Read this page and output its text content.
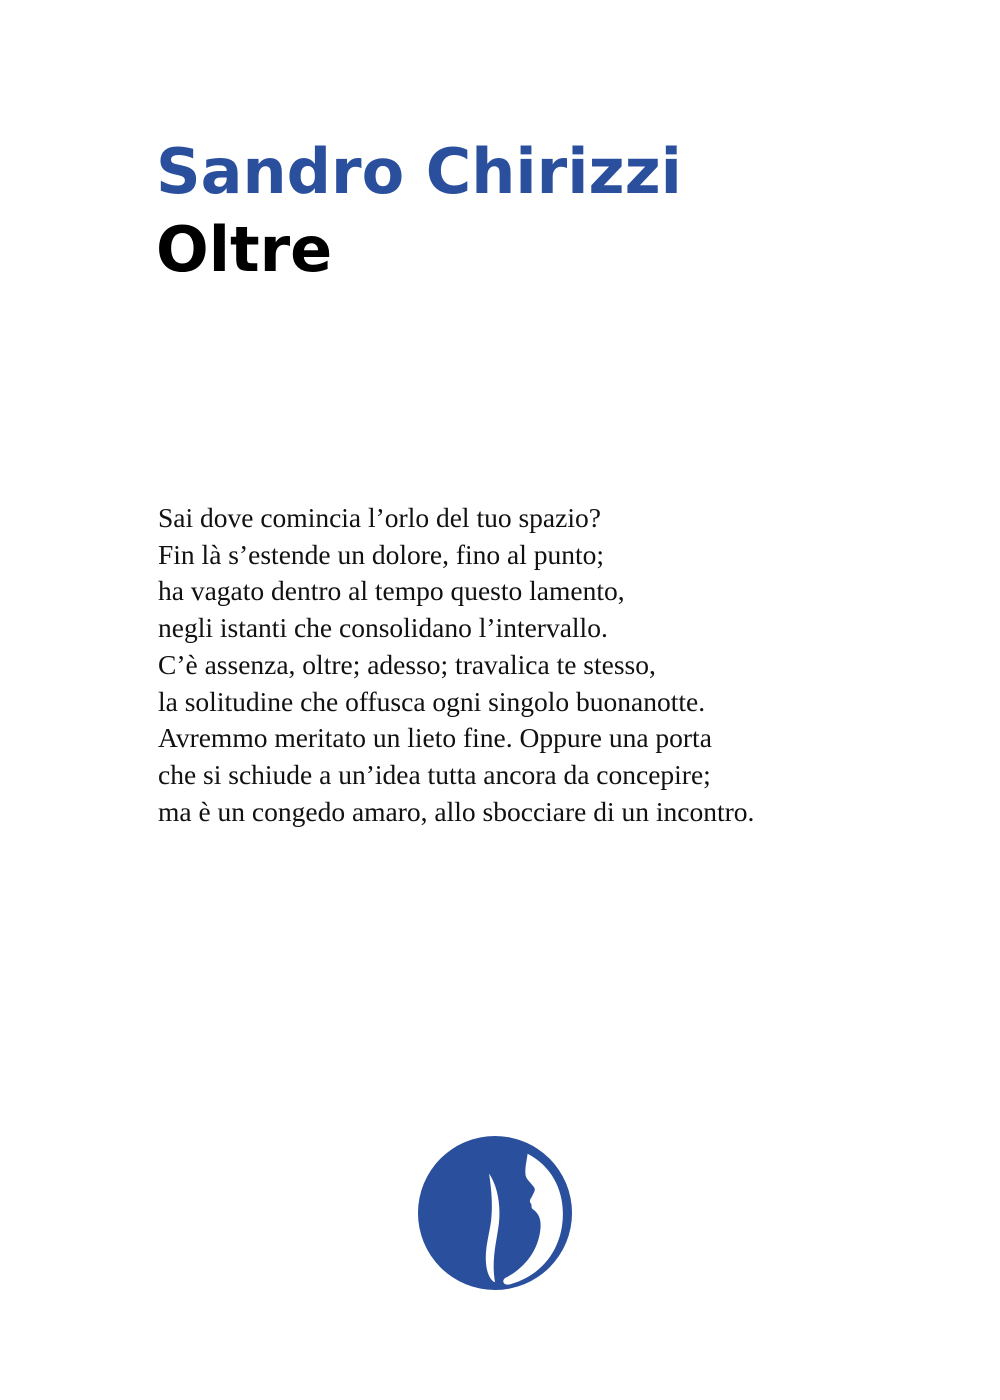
Sandro Chirizzi
Oltre
Sai dove comincia l’orlo del tuo spazio?
Fin là s’estende un dolore, fino al punto;
ha vagato dentro al tempo questo lamento,
negli istanti che consolidano l’intervallo.
C’è assenza, oltre; adesso; travalica te stesso,
la solitudine che offusca ogni singolo buonanotte.
Avremmo meritato un lieto fine. Oppure una porta
che si schiude a un’idea tutta ancora da concepire;
ma è un congedo amaro, allo sbocciare di un incontro.
